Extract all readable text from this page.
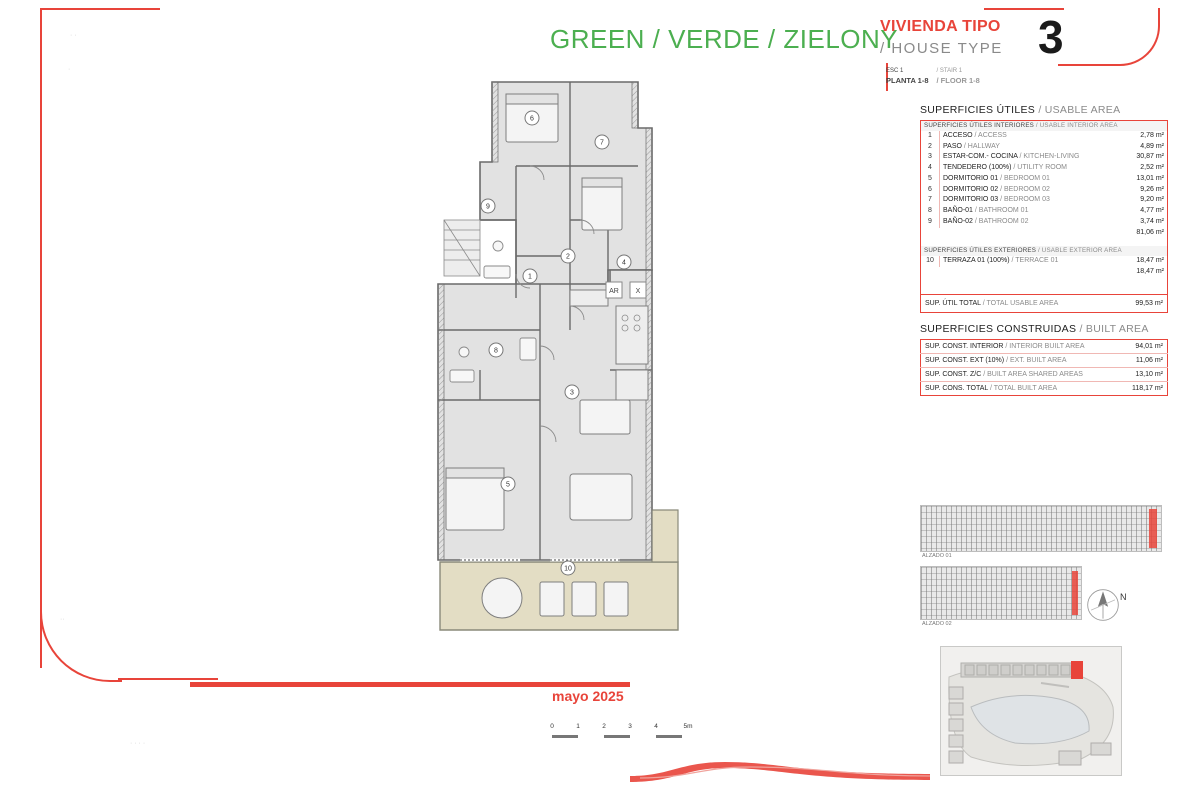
· ·
·
··
· · · ·
GREEN / VERDE / ZIELONY
VIVIENDA TIPO
/ HOUSE TYPE 3
ESC 1
PLANTA 1-8
/ STAIR 1
/ FLOOR 1-8
SUPERFICIES ÚTILES / USABLE AREA
SUPERFICIES ÚTILES INTERIORES / USABLE INTERIOR AREA		
1	ACCESO / ACCESS	2,78 m²
2	PASO / HALLWAY	4,89 m²
3	ESTAR-COM.- COCINA / KITCHEN-LIVING	30,87 m²
4	TENDEDERO (100%) / UTILITY ROOM	2,52 m²
5	DORMITORIO 01 / BEDROOM 01	13,01 m²
6	DORMITORIO 02 / BEDROOM 02	9,26 m²
7	DORMITORIO 03 / BEDROOM 03	9,20 m²
8	BAÑO-01 / BATHROOM 01	4,77 m²
9	BAÑO-02 / BATHROOM 02	3,74 m²
		81,06 m²

SUPERFICIES ÚTILES EXTERIORES / USABLE EXTERIOR AREA		
10	TERRAZA 01 (100%) / TERRACE 01	18,47 m²
		18,47 m²

SUP. ÚTIL TOTAL / TOTAL USABLE AREA		99,53 m²
SUPERFICIES CONSTRUIDAS / BUILT AREA
SUP. CONST. INTERIOR / INTERIOR BUILT AREA	94,01 m²
SUP. CONST. EXT (10%) / EXT. BUILT AREA	11,06 m²
SUP. CONST. Z/C / BUILT AREA SHARED AREAS	13,10 m²
SUP. CONS. TOTAL / TOTAL BUILT AREA	118,17 m²
ALZADO 01
ALZADO 02
N
1
2
3
4
5
6
7
8
9
10
AR X
mayo 2025
0	1	2	3	4	5m
